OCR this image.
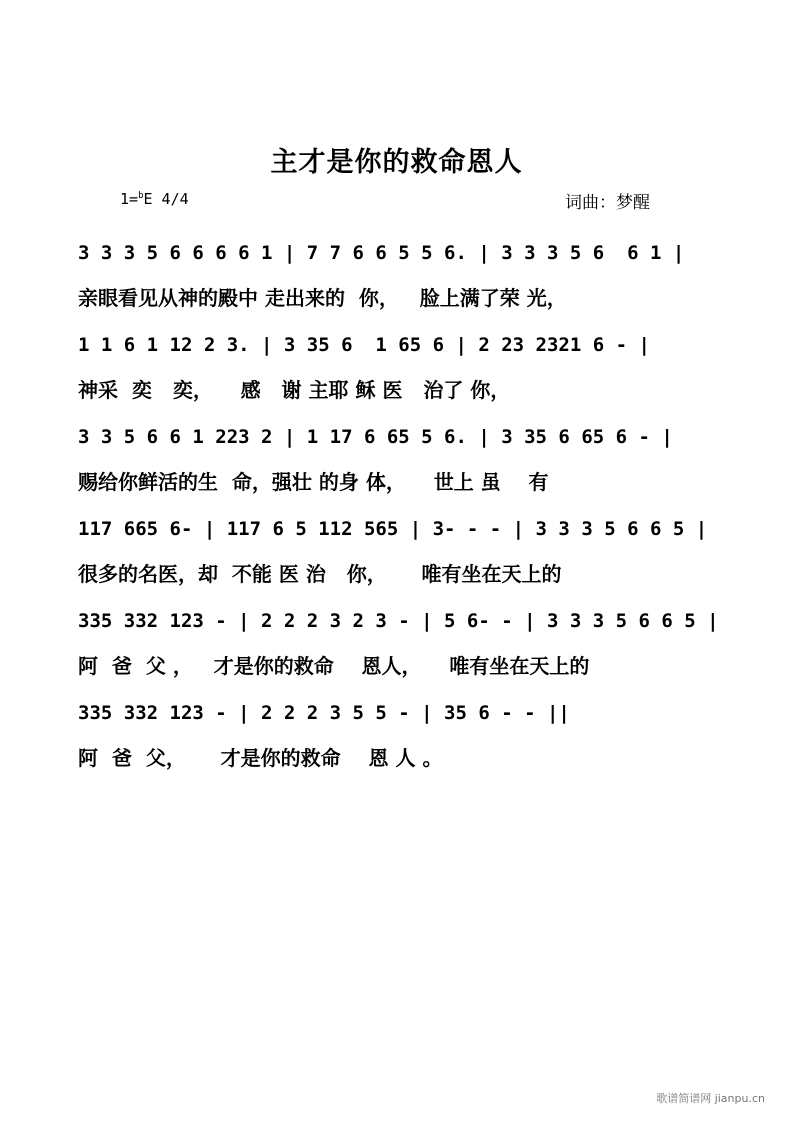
主才是你的救命恩人
1=$^b$E 4/4	词曲：梦醒
3 3 3 5 6 6 6 6 1 | 7 7 6 6 5 5 6. | 3 3 3 5 6  6 1 |
亲眼看见从神的殿中 走出来的  你，   脸上满了荣 光，
1 1 6 1 12 2 3. | 3 35 6  1 65 6 | 2 23 2321 6 - |
神采  奕   奕，    感   谢 主耶 稣 医   治了 你，
3 3 5 6 6 1 223 2 | 1 17 6 65 5 6. | 3 35 6 65 6 - |
赐给你鲜活的生  命，强壮 的身 体，    世上 虽    有
117 665 6- | 117 6 5 112 565 | 3- - - | 3 3 3 5 6 6 5 |
很多的名医，却  不能 医 治   你，     唯有坐在天上的
335 332 123 - | 2 2 2 3 2 3 - | 5 6- - | 3 3 3 5 6 6 5 |
阿  爸  父 ，   才是你的救命    恩人，    唯有坐在天上的
335 332 123 - | 2 2 2 3 5 5 - | 35 6 - - ||
阿  爸  父，     才是你的救命    恩 人 。
歌谱简谱网 jianpu.cn
